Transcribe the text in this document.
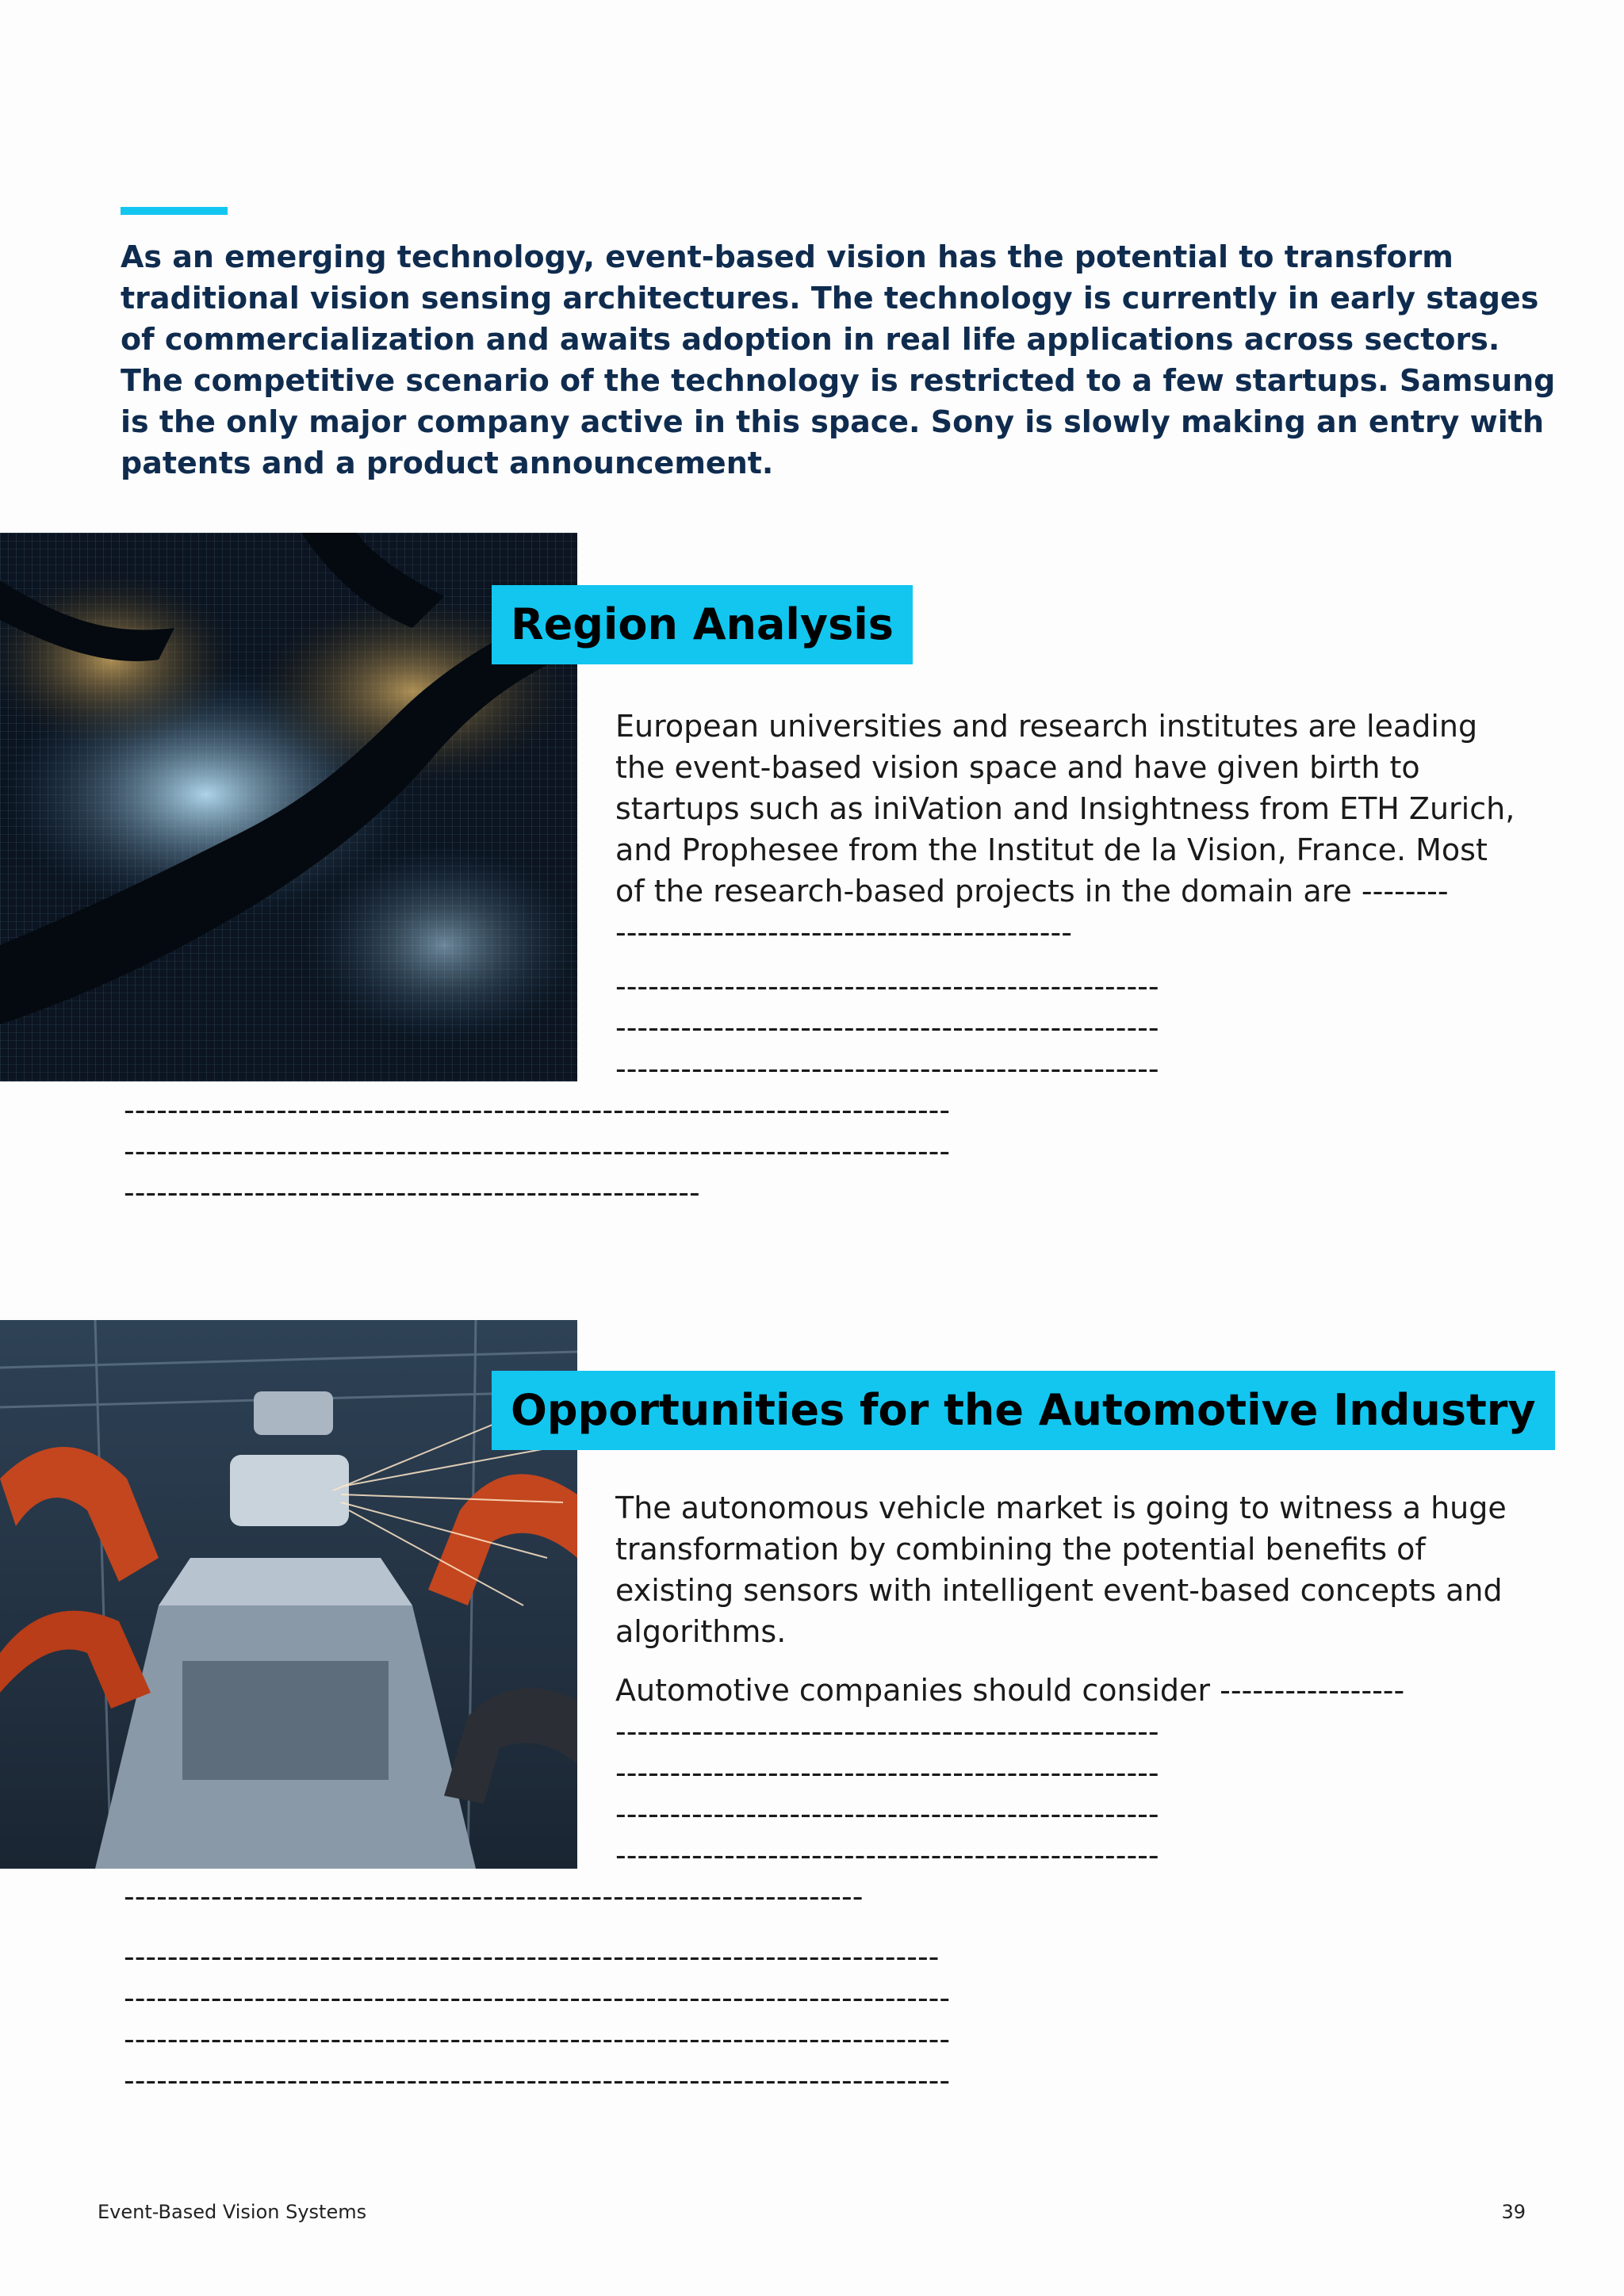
As an emerging technology, event-based vision has the potential to transform
traditional vision sensing architectures. The technology is currently in early stages
of commercialization and awaits adoption in real life applications across sectors.
The competitive scenario of the technology is restricted to a few startups. Samsung
is the only major company active in this space. Sony is slowly making an entry with
patents and a product announcement.
Region Analysis
European universities and research institutes are leading
the event-based vision space and have given birth to
startups such as iniVation and Insightness from ETH Zurich,
and Prophesee from the Institut de la Vision, France. Most
of the research-based projects in the domain are --------
------------------------------------------
--------------------------------------------------
--------------------------------------------------
--------------------------------------------------
----------------------------------------------------------------------------
----------------------------------------------------------------------------
-----------------------------------------------------
Opportunities for the Automotive Industry
The autonomous vehicle market is going to witness a huge
transformation by combining the potential benefits of
existing sensors with intelligent event-based concepts and
algorithms.
Automotive companies should consider -----------------
--------------------------------------------------
--------------------------------------------------
--------------------------------------------------
--------------------------------------------------
--------------------------------------------------------------------
---------------------------------------------------------------------------
----------------------------------------------------------------------------
----------------------------------------------------------------------------
----------------------------------------------------------------------------
Event-Based Vision Systems	39
